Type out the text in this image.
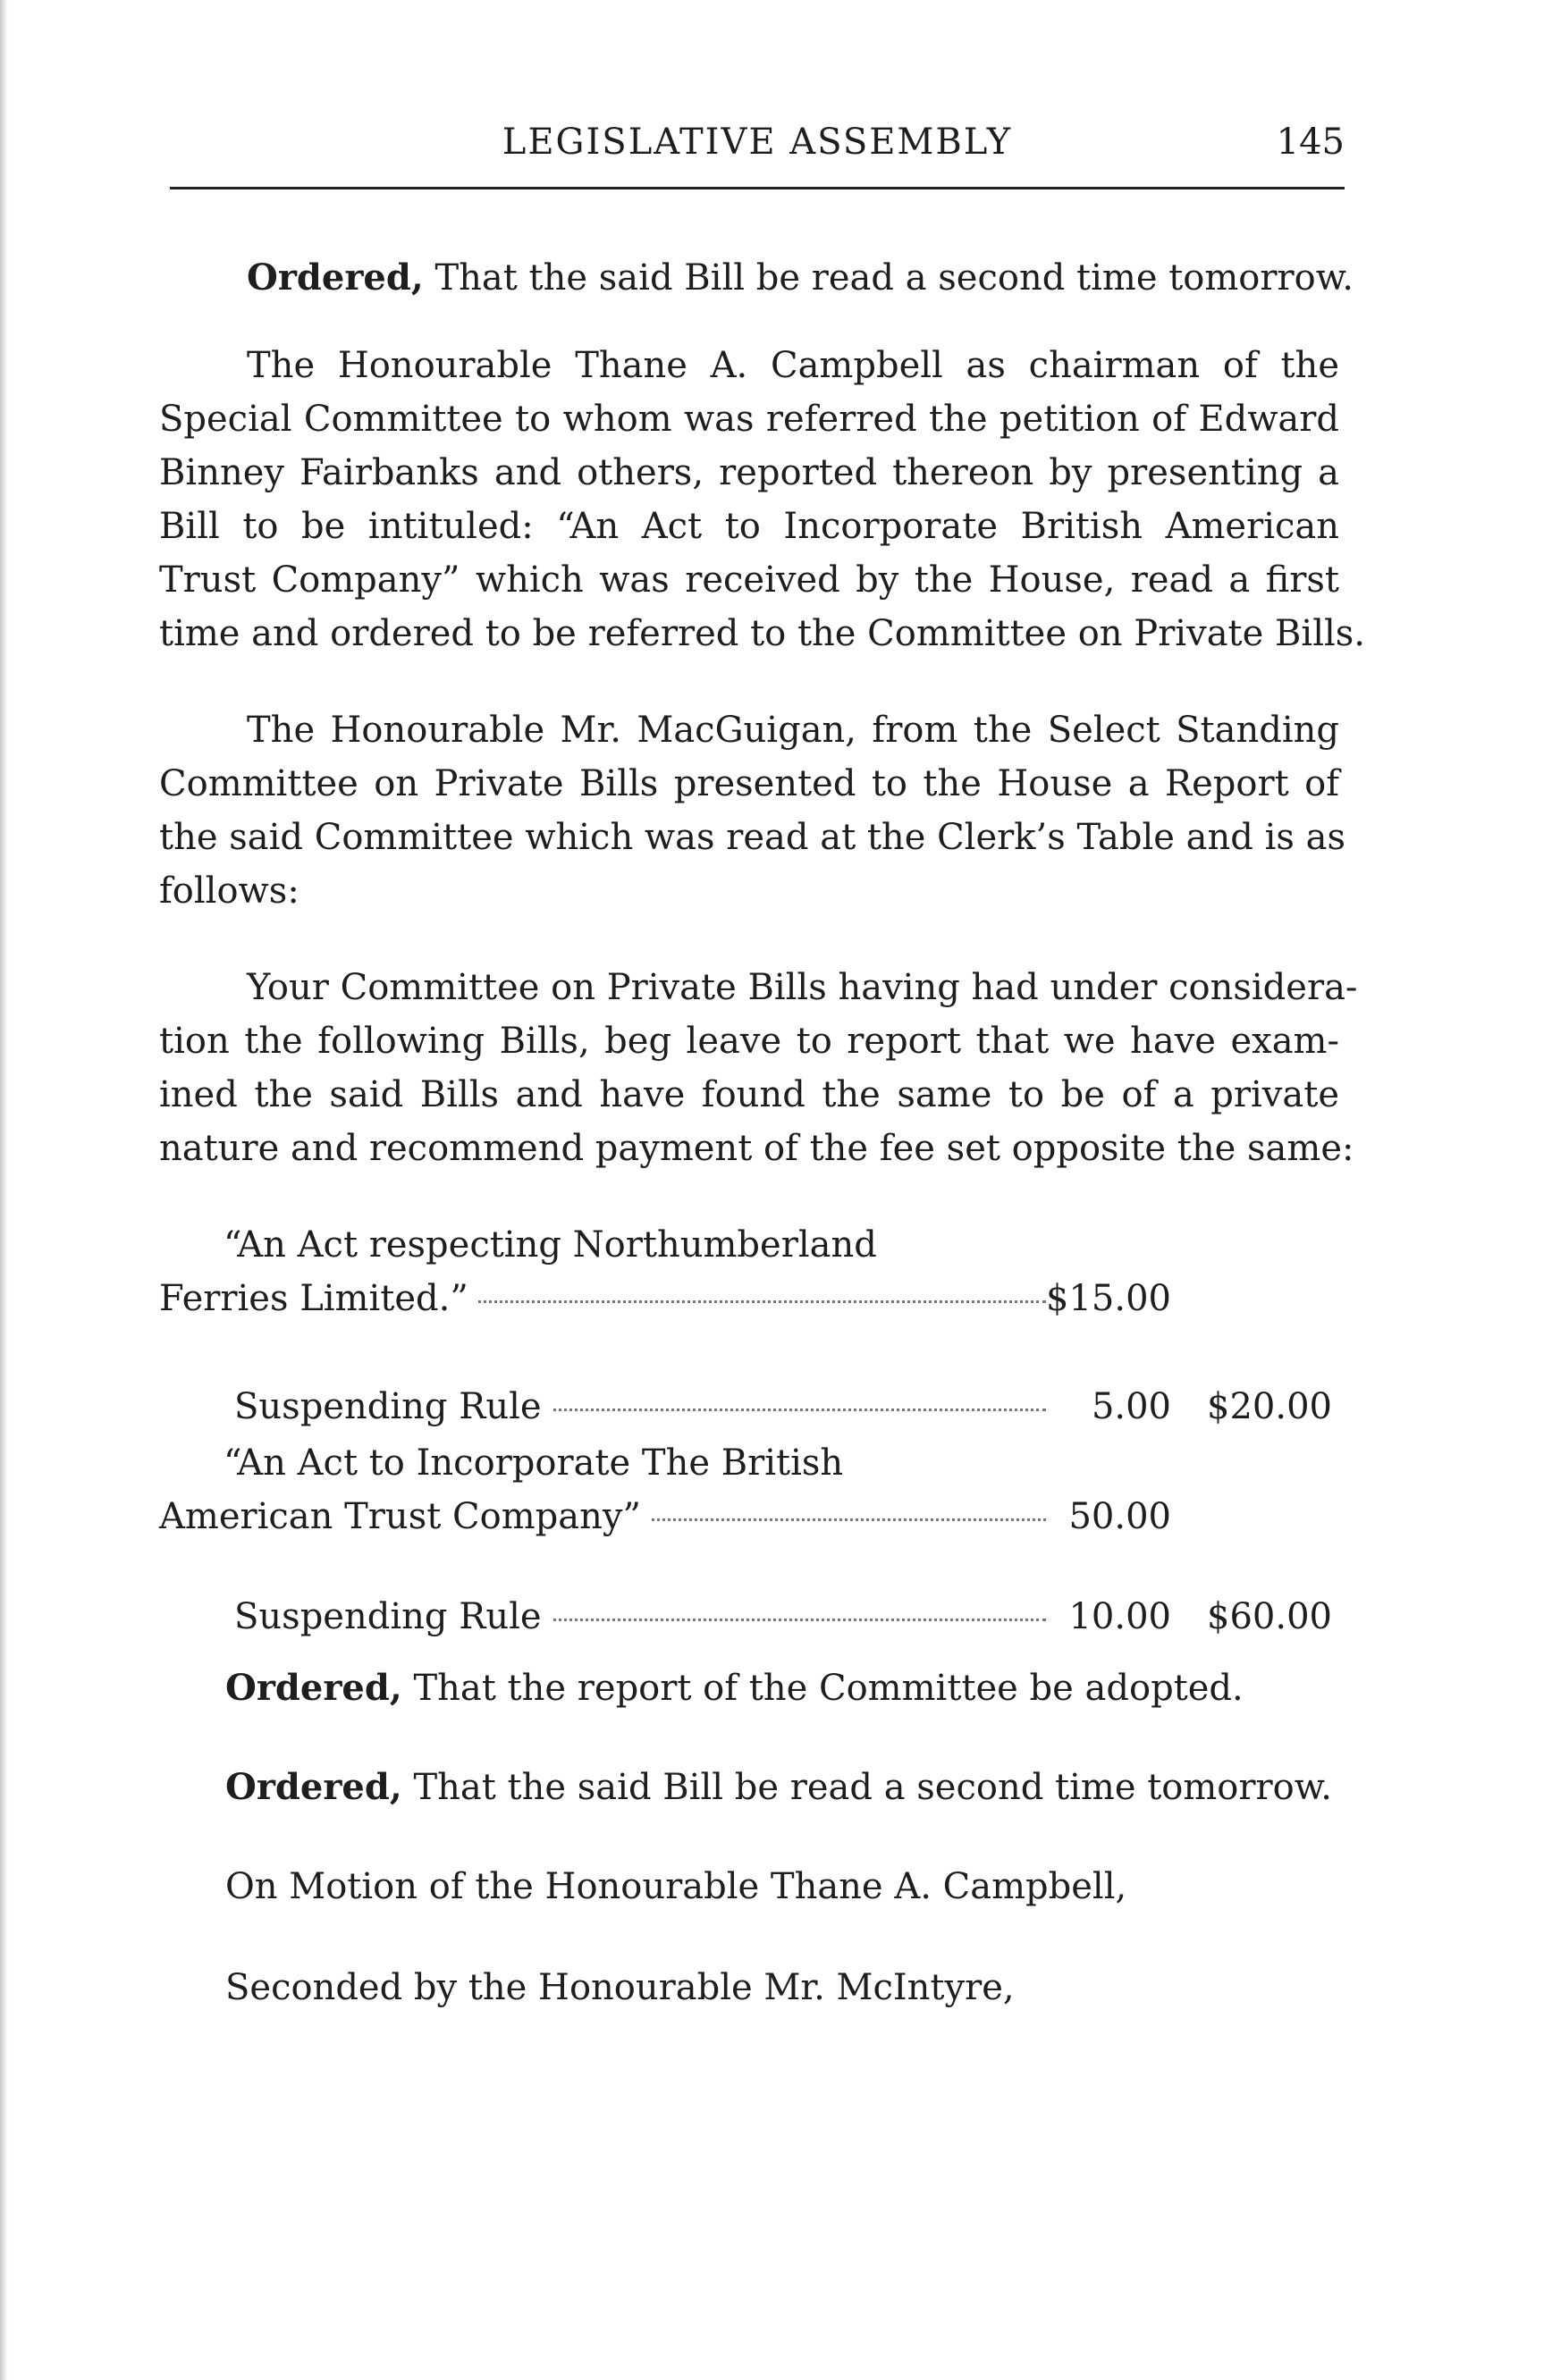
LEGISLATIVE ASSEMBLY	145
Ordered, That the said Bill be read a second time tomorrow.
The Honourable Thane A. Campbell as chairman of the
Special Committee to whom was referred the petition of Edward
Binney Fairbanks and others, reported thereon by presenting a
Bill to be intituled: “An Act to Incorporate British American
Trust Company” which was received by the House, read a first
time and ordered to be referred to the Committee on Private Bills.
The Honourable Mr. MacGuigan, from the Select Standing
Committee on Private Bills presented to the House a Report of
the said Committee which was read at the Clerk’s Table and is as
follows:
Your Committee on Private Bills having had under considera-
tion the following Bills, beg leave to report that we have exam-
ined the said Bills and have found the same to be of a private
nature and recommend payment of the fee set opposite the same:
“An Act respecting Northumberland
Ferries Limited.”	$15.00
Suspending Rule	5.00	$20.00
“An Act to Incorporate The British
American Trust Company”	50.00
Suspending Rule	10.00	$60.00
Ordered, That the report of the Committee be adopted.
Ordered, That the said Bill be read a second time tomorrow.
On Motion of the Honourable Thane A. Campbell,
Seconded by the Honourable Mr. McIntyre,
